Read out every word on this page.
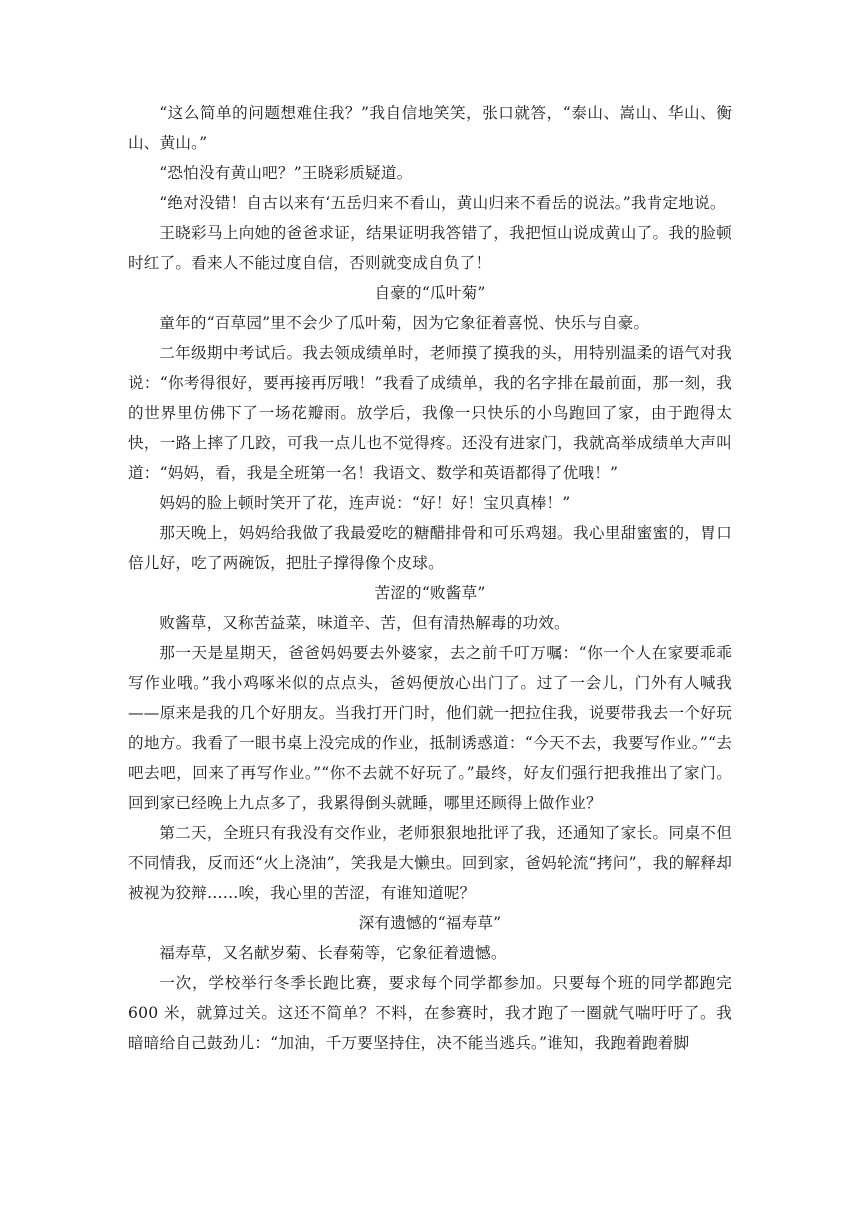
“这么简单的问题想难住我？”我自信地笑笑，张口就答，“泰山、嵩山、华山、衡山、黄山。”

“恐怕没有黄山吧？”王晓彩质疑道。

“绝对没错！自古以来有‘五岳归来不看山，黄山归来不看岳的说法。”我肯定地说。

王晓彩马上向她的爸爸求证，结果证明我答错了，我把恒山说成黄山了。我的脸顿时红了。看来人不能过度自信，否则就变成自负了！

自豪的“瓜叶菊”

童年的“百草园”里不会少了瓜叶菊，因为它象征着喜悦、快乐与自豪。

二年级期中考试后。我去领成绩单时，老师摸了摸我的头，用特别温柔的语气对我说：“你考得很好，要再接再厉哦！”我看了成绩单，我的名字排在最前面，那一刻，我的世界里仿佛下了一场花瓣雨。放学后，我像一只快乐的小鸟跑回了家，由于跑得太快，一路上摔了几跤，可我一点儿也不觉得疼。还没有进家门，我就高举成绩单大声叫道：“妈妈，看，我是全班第一名！我语文、数学和英语都得了优哦！”

妈妈的脸上顿时笑开了花，连声说：“好！好！宝贝真棒！”

那天晚上，妈妈给我做了我最爱吃的糖醋排骨和可乐鸡翅。我心里甜蜜蜜的，胃口倍儿好，吃了两碗饭，把肚子撑得像个皮球。

苦涩的“败酱草”

败酱草，又称苦益菜，味道辛、苦，但有清热解毒的功效。

那一天是星期天，爸爸妈妈要去外婆家，去之前千叮万嘱：“你一个人在家要乖乖写作业哦。”我小鸡啄米似的点点头，爸妈便放心出门了。过了一会儿，门外有人喊我——原来是我的几个好朋友。当我打开门时，他们就一把拉住我，说要带我去一个好玩的地方。我看了一眼书桌上没完成的作业，抵制诱惑道：“今天不去，我要写作业。”“去吧去吧，回来了再写作业。”“你不去就不好玩了。”最终，好友们强行把我推出了家门。回到家已经晚上九点多了，我累得倒头就睡，哪里还顾得上做作业？

第二天，全班只有我没有交作业，老师狠狠地批评了我，还通知了家长。同桌不但不同情我，反而还“火上浇油”，笑我是大懒虫。回到家，爸妈轮流“拷问”，我的解释却被视为狡辩……唉，我心里的苦涩，有谁知道呢？

深有遗憾的“福寿草”

福寿草，又名献岁菊、长春菊等，它象征着遗憾。

一次，学校举行冬季长跑比赛，要求每个同学都参加。只要每个班的同学都跑完600 米，就算过关。这还不简单？不料，在参赛时，我才跑了一圈就气喘吁吁了。我暗暗给自己鼓劲儿：“加油，千万要坚持住，决不能当逃兵。”谁知，我跑着跑着脚
